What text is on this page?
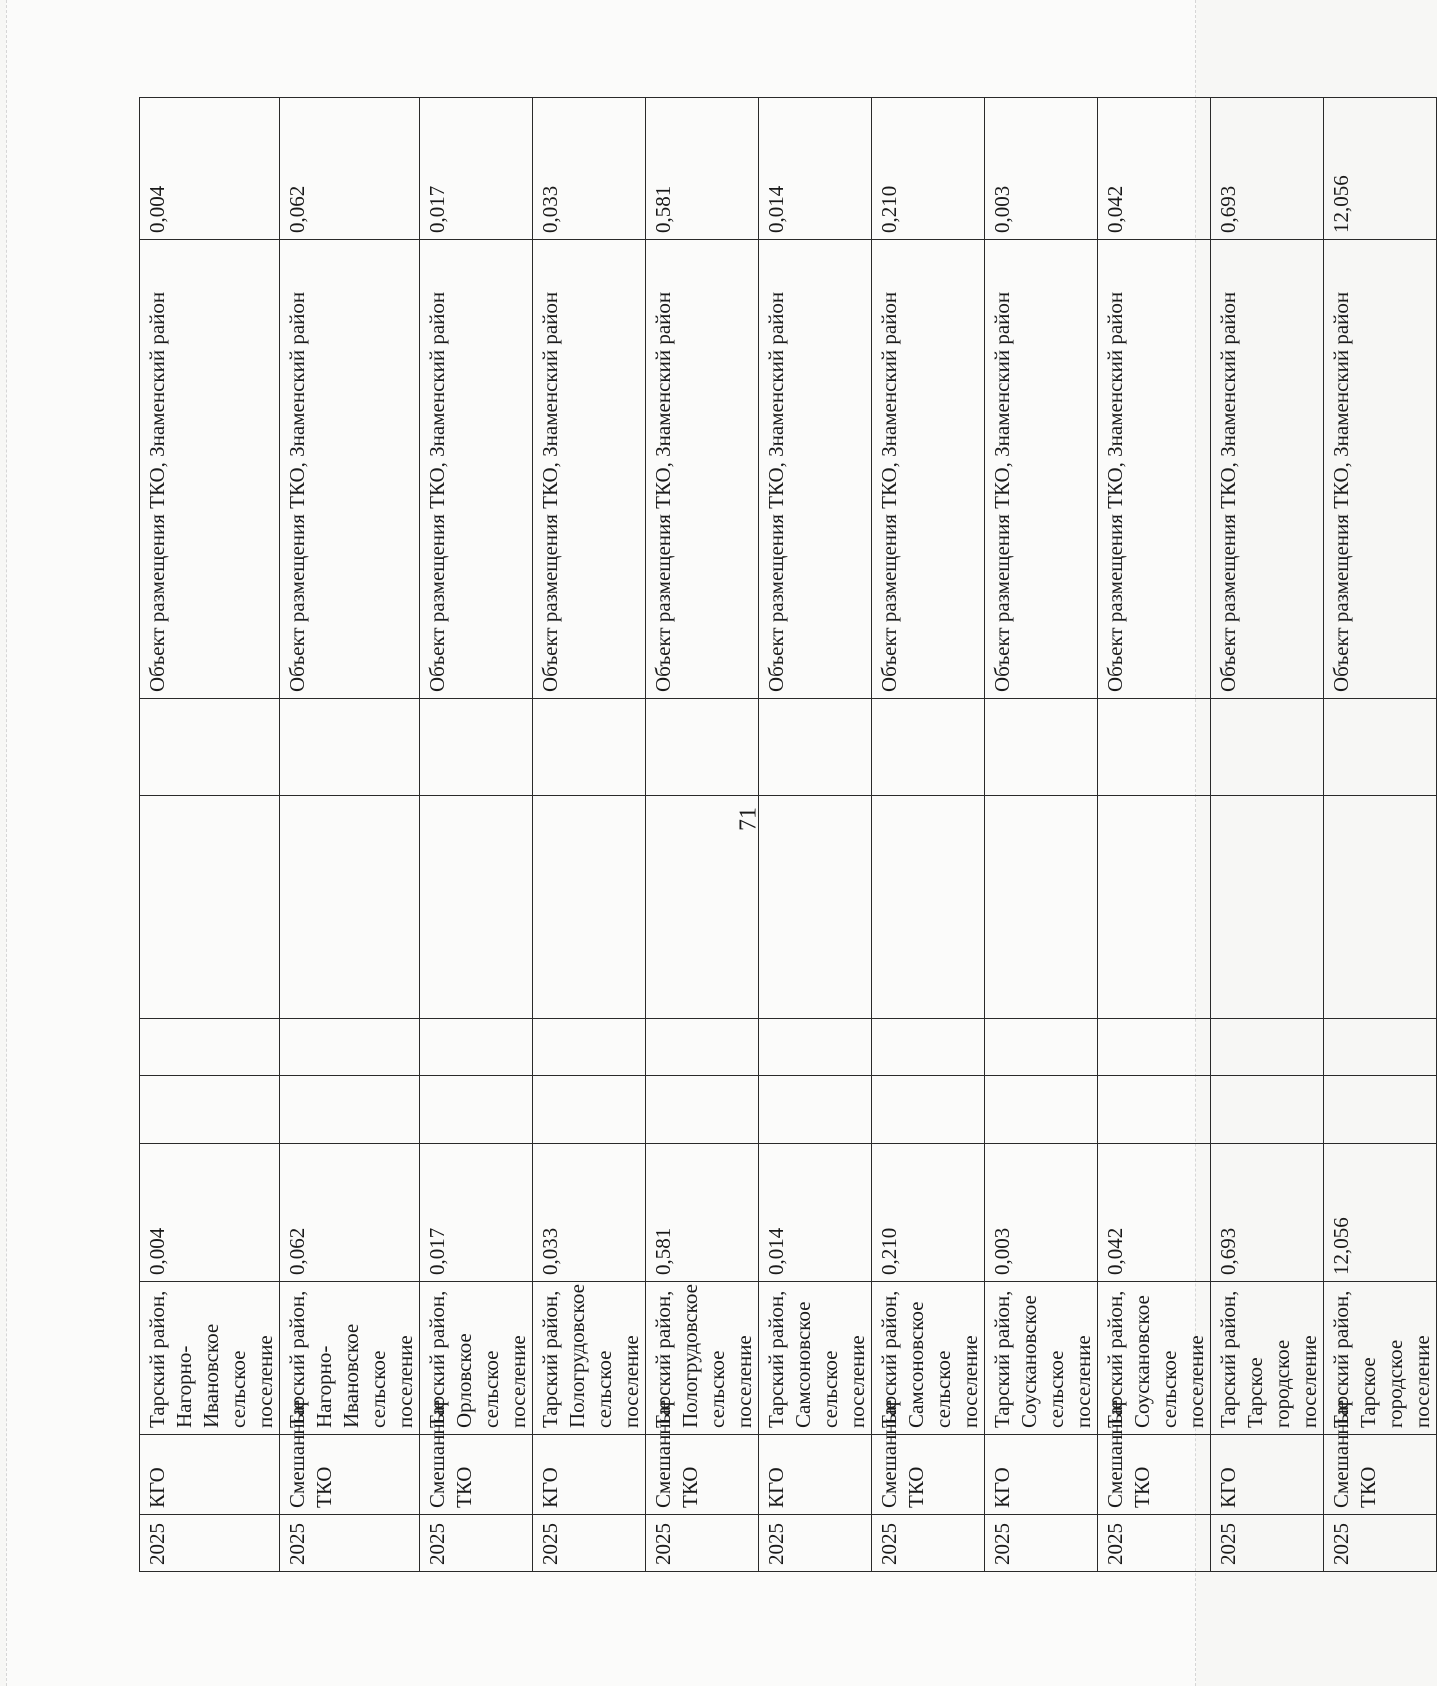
71
2025	КГО	Тарский район, Нагорно-Ивановское сельское поселение	0,004					Объект размещения ТКО, Знаменский район	0,004
2025	Смешанные ТКО	Тарский район, Нагорно-Ивановское сельское поселение	0,062					Объект размещения ТКО, Знаменский район	0,062
2025	Смешанные ТКО	Тарский район, Орловское сельское поселение	0,017					Объект размещения ТКО, Знаменский район	0,017
2025	КГО	Тарский район, Пологрудовское сельское поселение	0,033					Объект размещения ТКО, Знаменский район	0,033
2025	Смешанные ТКО	Тарский район, Пологрудовское сельское поселение	0,581					Объект размещения ТКО, Знаменский район	0,581
2025	КГО	Тарский район, Самсоновское сельское поселение	0,014					Объект размещения ТКО, Знаменский район	0,014
2025	Смешанные ТКО	Тарский район, Самсоновское сельское поселение	0,210					Объект размещения ТКО, Знаменский район	0,210
2025	КГО	Тарский район, Соускановское сельское поселение	0,003					Объект размещения ТКО, Знаменский район	0,003
2025	Смешанные ТКО	Тарский район, Соускановское сельское поселение	0,042					Объект размещения ТКО, Знаменский район	0,042
2025	КГО	Тарский район, Тарское городское поселение	0,693					Объект размещения ТКО, Знаменский район	0,693
2025	Смешанные ТКО	Тарский район, Тарское городское поселение	12,056					Объект размещения ТКО, Знаменский район	12,056
